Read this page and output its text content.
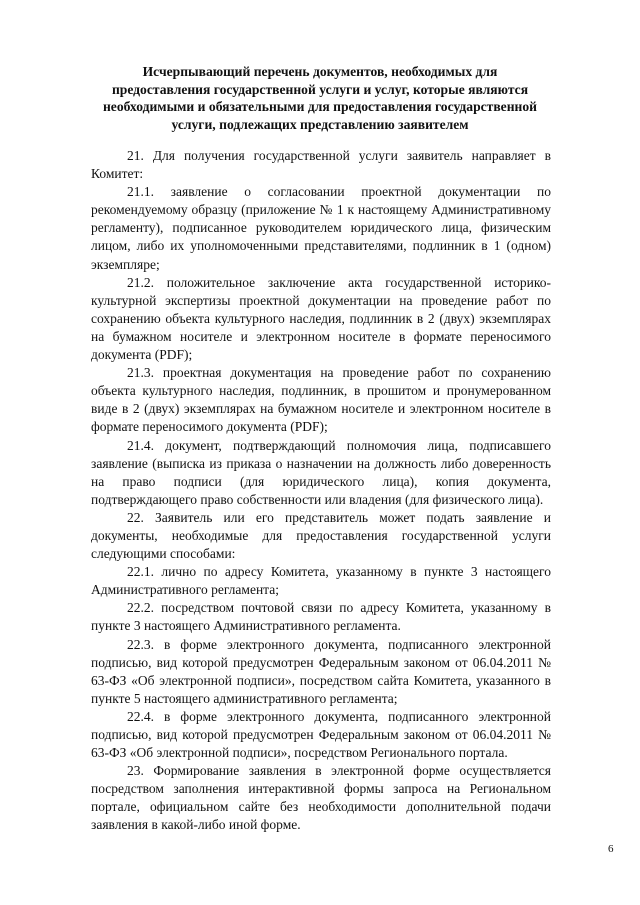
Исчерпывающий перечень документов, необходимых для предоставления государственной услуги и услуг, которые являются необходимыми и обязательными для предоставления государственной услуги, подлежащих представлению заявителем

21. Для получения государственной услуги заявитель направляет в Комитет:

21.1. заявление о согласовании проектной документации по рекомендуемому образцу (приложение № 1 к настоящему Административному регламенту), подписанное руководителем юридического лица, физическим лицом, либо их уполномоченными представителями, подлинник в 1 (одном) экземпляре;

21.2. положительное заключение акта государственной историко-культурной экспертизы проектной документации на проведение работ по сохранению объекта культурного наследия, подлинник в 2 (двух) экземплярах на бумажном носителе и электронном носителе в формате переносимого документа (PDF);

21.3. проектная документация на проведение работ по сохранению объекта культурного наследия, подлинник, в прошитом и пронумерованном виде в 2 (двух) экземплярах на бумажном носителе и электронном носителе в формате переносимого документа (PDF);

21.4. документ, подтверждающий полномочия лица, подписавшего заявление (выписка из приказа о назначении на должность либо доверенность на право подписи (для юридического лица), копия документа, подтверждающего право собственности или владения (для физического лица).

22. Заявитель или его представитель может подать заявление и документы, необходимые для предоставления государственной услуги следующими способами:

22.1. лично по адресу Комитета, указанному в пункте 3 настоящего Административного регламента;

22.2. посредством почтовой связи по адресу Комитета, указанному в пункте 3 настоящего Административного регламента.

22.3. в форме электронного документа, подписанного электронной подписью, вид которой предусмотрен Федеральным законом от 06.04.2011 № 63-ФЗ «Об электронной подписи», посредством сайта Комитета, указанного в пункте 5 настоящего административного регламента;

22.4. в форме электронного документа, подписанного электронной подписью, вид которой предусмотрен Федеральным законом от 06.04.2011 № 63-ФЗ «Об электронной подписи», посредством Регионального портала.

23. Формирование заявления в электронной форме осуществляется посредством заполнения интерактивной формы запроса на Региональном портале, официальном сайте без необходимости дополнительной подачи заявления в какой-либо иной форме.

6
